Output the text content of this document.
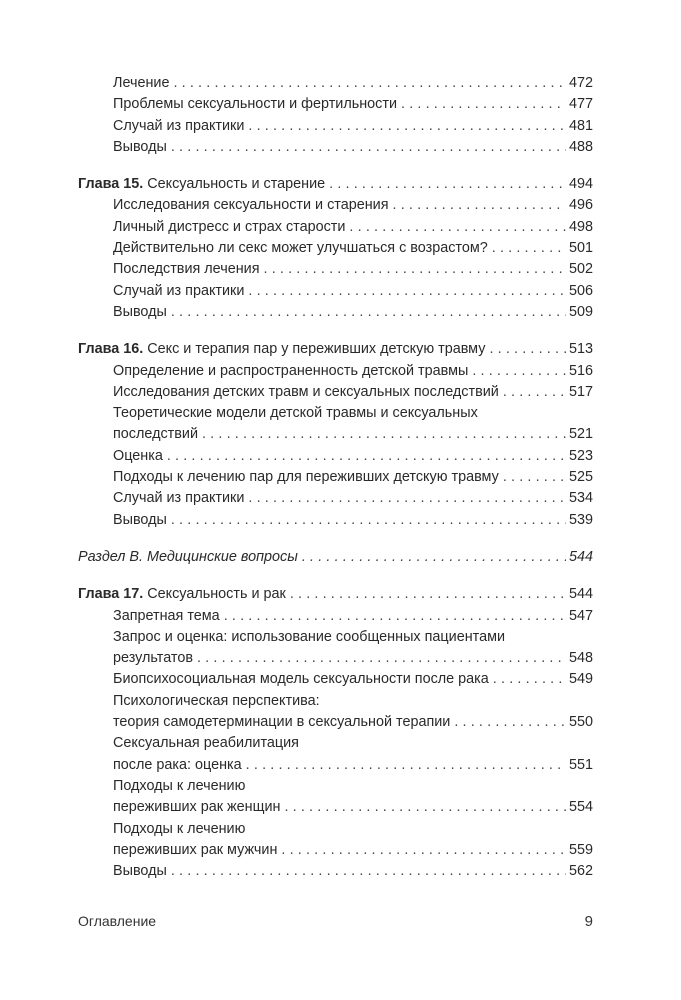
Лечение . . .	472
Проблемы сексуальности и фертильности . . .	477
Случай из практики . . .	481
Выводы . . .	488
Глава 15. Сексуальность и старение . . .	494
Исследования сексуальности и старения . . .	496
Личный дистресс и страх старости . . .	498
Действительно ли секс может улучшаться с возрастом? . . .	501
Последствия лечения . . .	502
Случай из практики . . .	506
Выводы . . .	509
Глава 16. Секс и терапия пар у переживших детскую травму . . .	513
Определение и распространенность детской травмы . . .	516
Исследования детских травм и сексуальных последствий . . .	517
Теоретические модели детской травмы и сексуальных
последствий . . .	521
Оценка . . .	523
Подходы к лечению пар для переживших детскую травму . . .	525
Случай из практики . . .	534
Выводы . . .	539
Раздел В. Медицинские вопросы . . .	544
Глава 17. Сексуальность и рак . . .	544
Запретная тема . . .	547
Запрос и оценка: использование сообщенных пациентами
результатов . . .	548
Биопсихосоциальная модель сексуальности после рака . . .	549
Психологическая перспектива:
теория самодетерминации в сексуальной терапии . . .	550
Сексуальная реабилитация
после рака: оценка . . .	551
Подходы к лечению
переживших рак женщин . . .	554
Подходы к лечению
переживших рак мужчин . . .	559
Выводы . . .	562
Оглавление	9
